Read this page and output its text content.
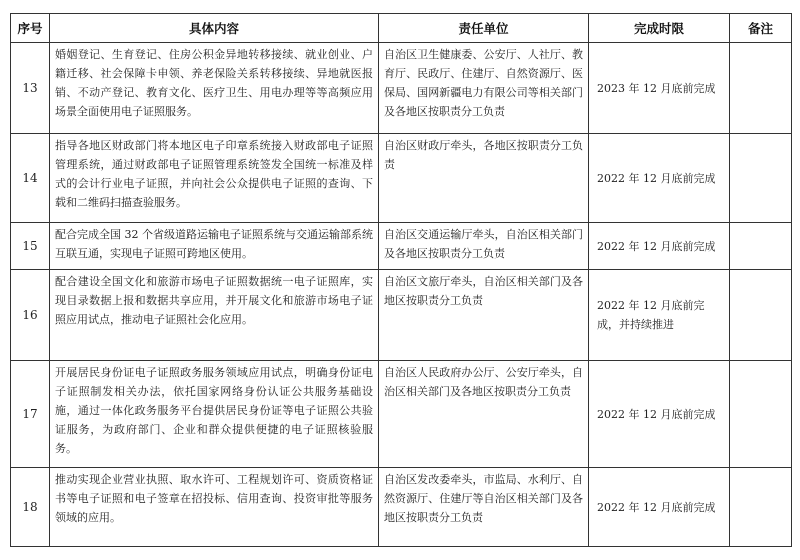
序号	具体内容	责任单位	完成时限	备注
13	婚姻登记、生育登记、住房公积金异地转移接续、就业创业、户籍迁移、社会保障卡申领、养老保险关系转移接续、异地就医报销、不动产登记、教育文化、医疗卫生、用电办理等等高频应用场景全面使用电子证照服务。	自治区卫生健康委、公安厅、人社厅、教育厅、民政厅、住建厅、自然资源厅、医保局、国网新疆电力有限公司等相关部门及各地区按职责分工负责	2023 年 12 月底前完成	
14	指导各地区财政部门将本地区电子印章系统接入财政部电子证照管理系统，通过财政部电子证照管理系统签发全国统一标准及样式的会计行业电子证照，并向社会公众提供电子证照的查询、下载和二维码扫描查验服务。	自治区财政厅牵头，各地区按职责分工负责	2022 年 12 月底前完成	
15	配合完成全国 32 个省级道路运输电子证照系统与交通运输部系统互联互通，实现电子证照可跨地区使用。	自治区交通运输厅牵头，自治区相关部门及各地区按职责分工负责	2022 年 12 月底前完成	
16	配合建设全国文化和旅游市场电子证照数据统一电子证照库，实现目录数据上报和数据共享应用，并开展文化和旅游市场电子证照应用试点，推动电子证照社会化应用。	自治区文旅厅牵头，自治区相关部门及各地区按职责分工负责	2022 年 12 月底前完成，并持续推进	
17	开展居民身份证电子证照政务服务领域应用试点，明确身份证电子证照制发相关办法，依托国家网络身份认证公共服务基础设施，通过一体化政务服务平台提供居民身份证等电子证照公共验证服务，为政府部门、企业和群众提供便捷的电子证照核验服务。	自治区人民政府办公厅、公安厅牵头，自治区相关部门及各地区按职责分工负责	2022 年 12 月底前完成	
18	推动实现企业营业执照、取水许可、工程规划许可、资质资格证书等电子证照和电子签章在招投标、信用查询、投资审批等服务领域的应用。	自治区发改委牵头，市监局、水利厅、自然资源厅、住建厅等自治区相关部门及各地区按职责分工负责	2022 年 12 月底前完成	
